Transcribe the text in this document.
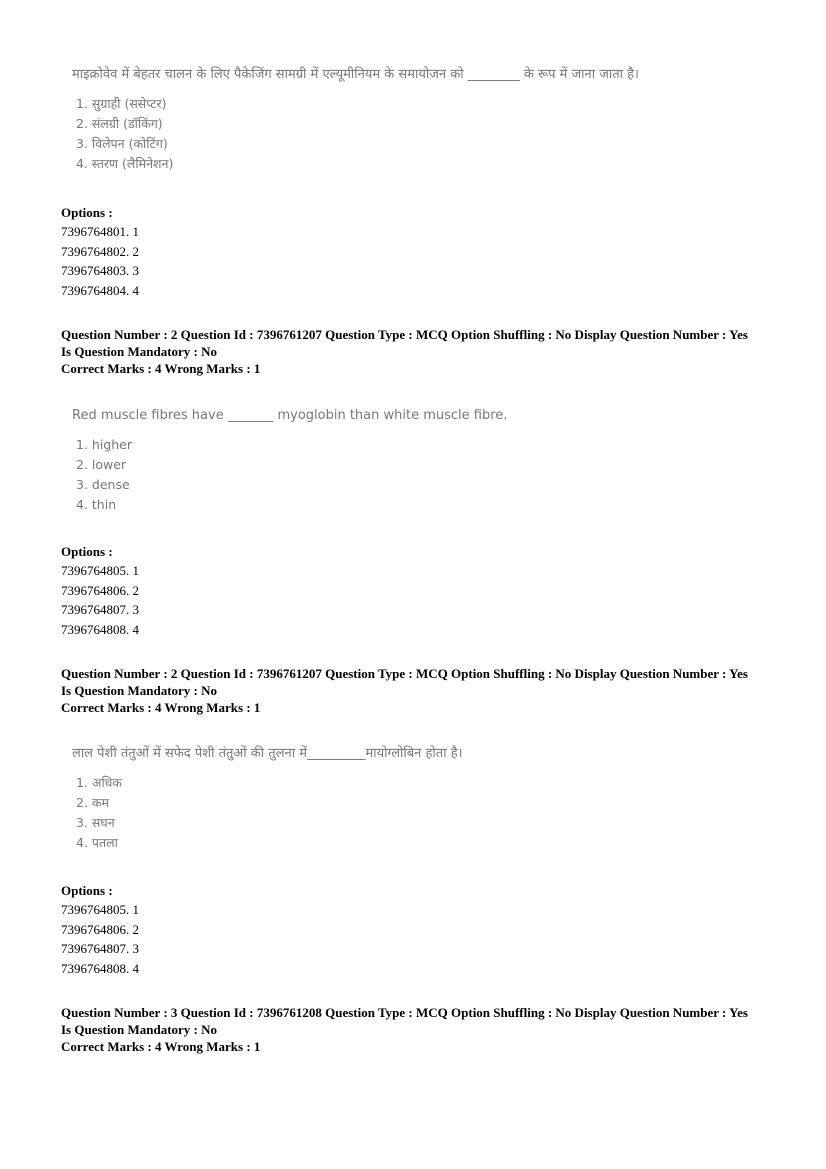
माइक्रोवेव में बेहतर चालन के लिए पैकेजिंग सामग्री में एल्यूमीनियम के समायोजन को ________ के रूप में जाना जाता है।

1. सुग्राही (ससेप्टर)
2. संलग्री (डॉकिंग)
3. विलेपन (कोटिंग)
4. स्तरण (लैमिनेशन)
Options :
7396764801. 1
7396764802. 2
7396764803. 3
7396764804. 4
Question Number : 2 Question Id : 7396761207 Question Type : MCQ Option Shuffling : No Display Question Number : Yes
Is Question Mandatory : No
Correct Marks : 4 Wrong Marks : 1

Red muscle fibres have _______ myoglobin than white muscle fibre.

1. higher
2. lower
3. dense
4. thin
Options :
7396764805. 1
7396764806. 2
7396764807. 3
7396764808. 4
Question Number : 2 Question Id : 7396761207 Question Type : MCQ Option Shuffling : No Display Question Number : Yes
Is Question Mandatory : No
Correct Marks : 4 Wrong Marks : 1

लाल पेशी तंतुओं में सफेद पेशी तंतुओं की तुलना में_________मायोग्लोबिन होता है।

1. अधिक
2. कम
3. सघन
4. पतला
Options :
7396764805. 1
7396764806. 2
7396764807. 3
7396764808. 4
Question Number : 3 Question Id : 7396761208 Question Type : MCQ Option Shuffling : No Display Question Number : Yes
Is Question Mandatory : No
Correct Marks : 4 Wrong Marks : 1
